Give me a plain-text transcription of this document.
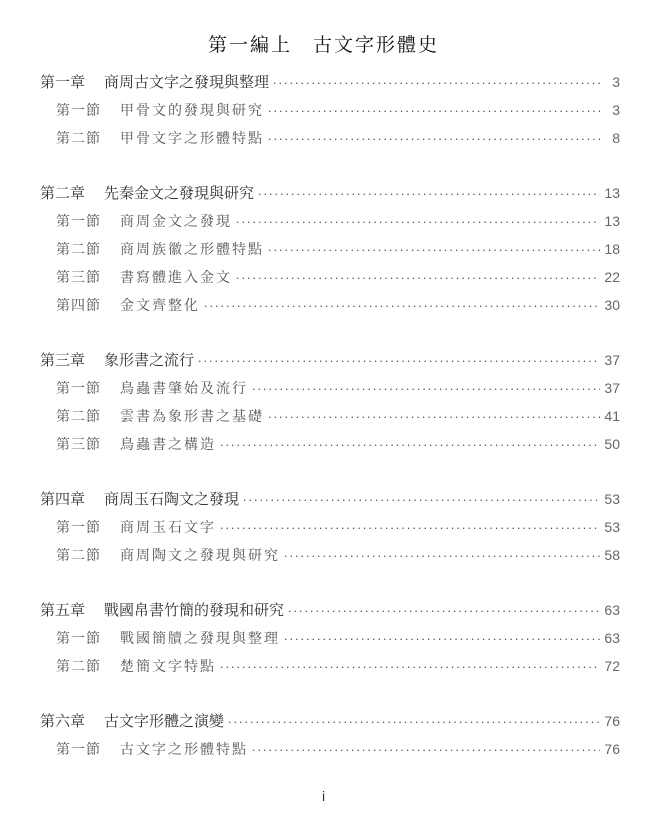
第一編上　古文字形體史
第一章	商周古文字之發現與整理 ·····	3
第一節	甲骨文的發現與研究 ·····	3
第二節	甲骨文字之形體特點 ·····	8
第二章	先秦金文之發現與研究 ·····	13
第一節	商周金文之發現 ·····	13
第二節	商周族徽之形體特點 ·····	18
第三節	書寫體進入金文 ·····	22
第四節	金文齊整化 ·····	30
第三章	象形書之流行 ·····	37
第一節	鳥蟲書肇始及流行 ·····	37
第二節	雲書為象形書之基礎 ·····	41
第三節	鳥蟲書之構造 ·····	50
第四章	商周玉石陶文之發現 ·····	53
第一節	商周玉石文字 ·····	53
第二節	商周陶文之發現與研究 ·····	58
第五章	戰國帛書竹簡的發現和研究 ·····	63
第一節	戰國簡牘之發現與整理 ·····	63
第二節	楚簡文字特點 ·····	72
第六章	古文字形體之演變 ·····	76
第一節	古文字之形體特點 ·····	76
i
